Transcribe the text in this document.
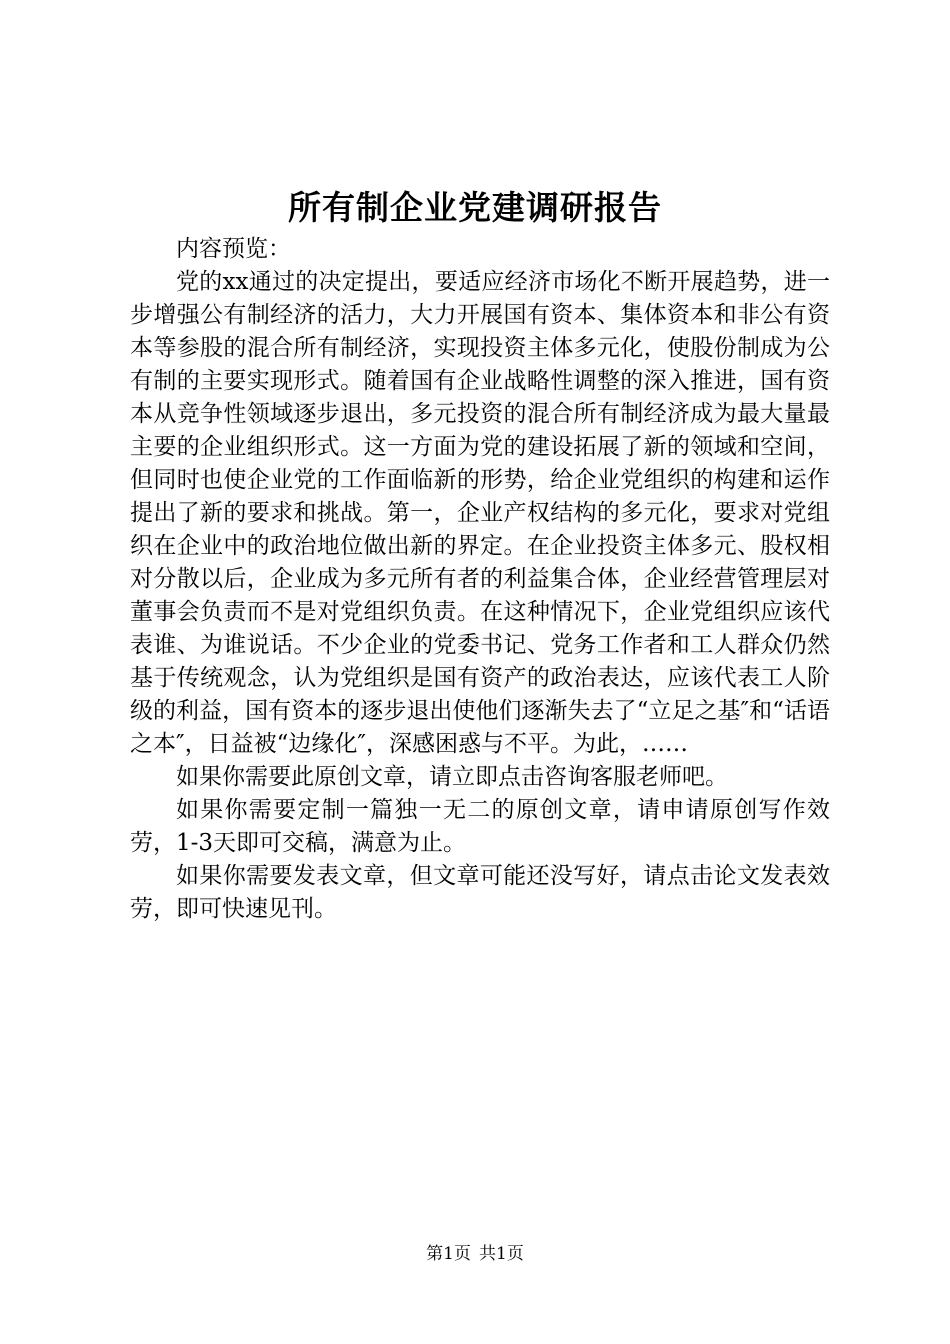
所有制企业党建调研报告

内容预览：

党的xx通过的决定提出，要适应经济市场化不断开展趋势，进一步增强公有制经济的活力，大力开展国有资本、集体资本和非公有资本等参股的混合所有制经济，实现投资主体多元化，使股份制成为公有制的主要实现形式。随着国有企业战略性调整的深入推进，国有资本从竞争性领域逐步退出，多元投资的混合所有制经济成为最大量最主要的企业组织形式。这一方面为党的建设拓展了新的领域和空间，但同时也使企业党的工作面临新的形势，给企业党组织的构建和运作提出了新的要求和挑战。第一，企业产权结构的多元化，要求对党组织在企业中的政治地位做出新的界定。在企业投资主体多元、股权相对分散以后，企业成为多元所有者的利益集合体，企业经营管理层对董事会负责而不是对党组织负责。在这种情况下，企业党组织应该代表谁、为谁说话。不少企业的党委书记、党务工作者和工人群众仍然基于传统观念，认为党组织是国有资产的政治表达，应该代表工人阶级的利益，国有资本的逐步退出使他们逐渐失去了“立足之基″和“话语之本″，日益被“边缘化″，深感困惑与不平。为此，……

如果你需要此原创文章，请立即点击咨询客服老师吧。

如果你需要定制一篇独一无二的原创文章，请申请原创写作效劳，1-3天即可交稿，满意为止。

如果你需要发表文章，但文章可能还没写好，请点击论文发表效劳，即可快速见刊。

第1页 共1页
